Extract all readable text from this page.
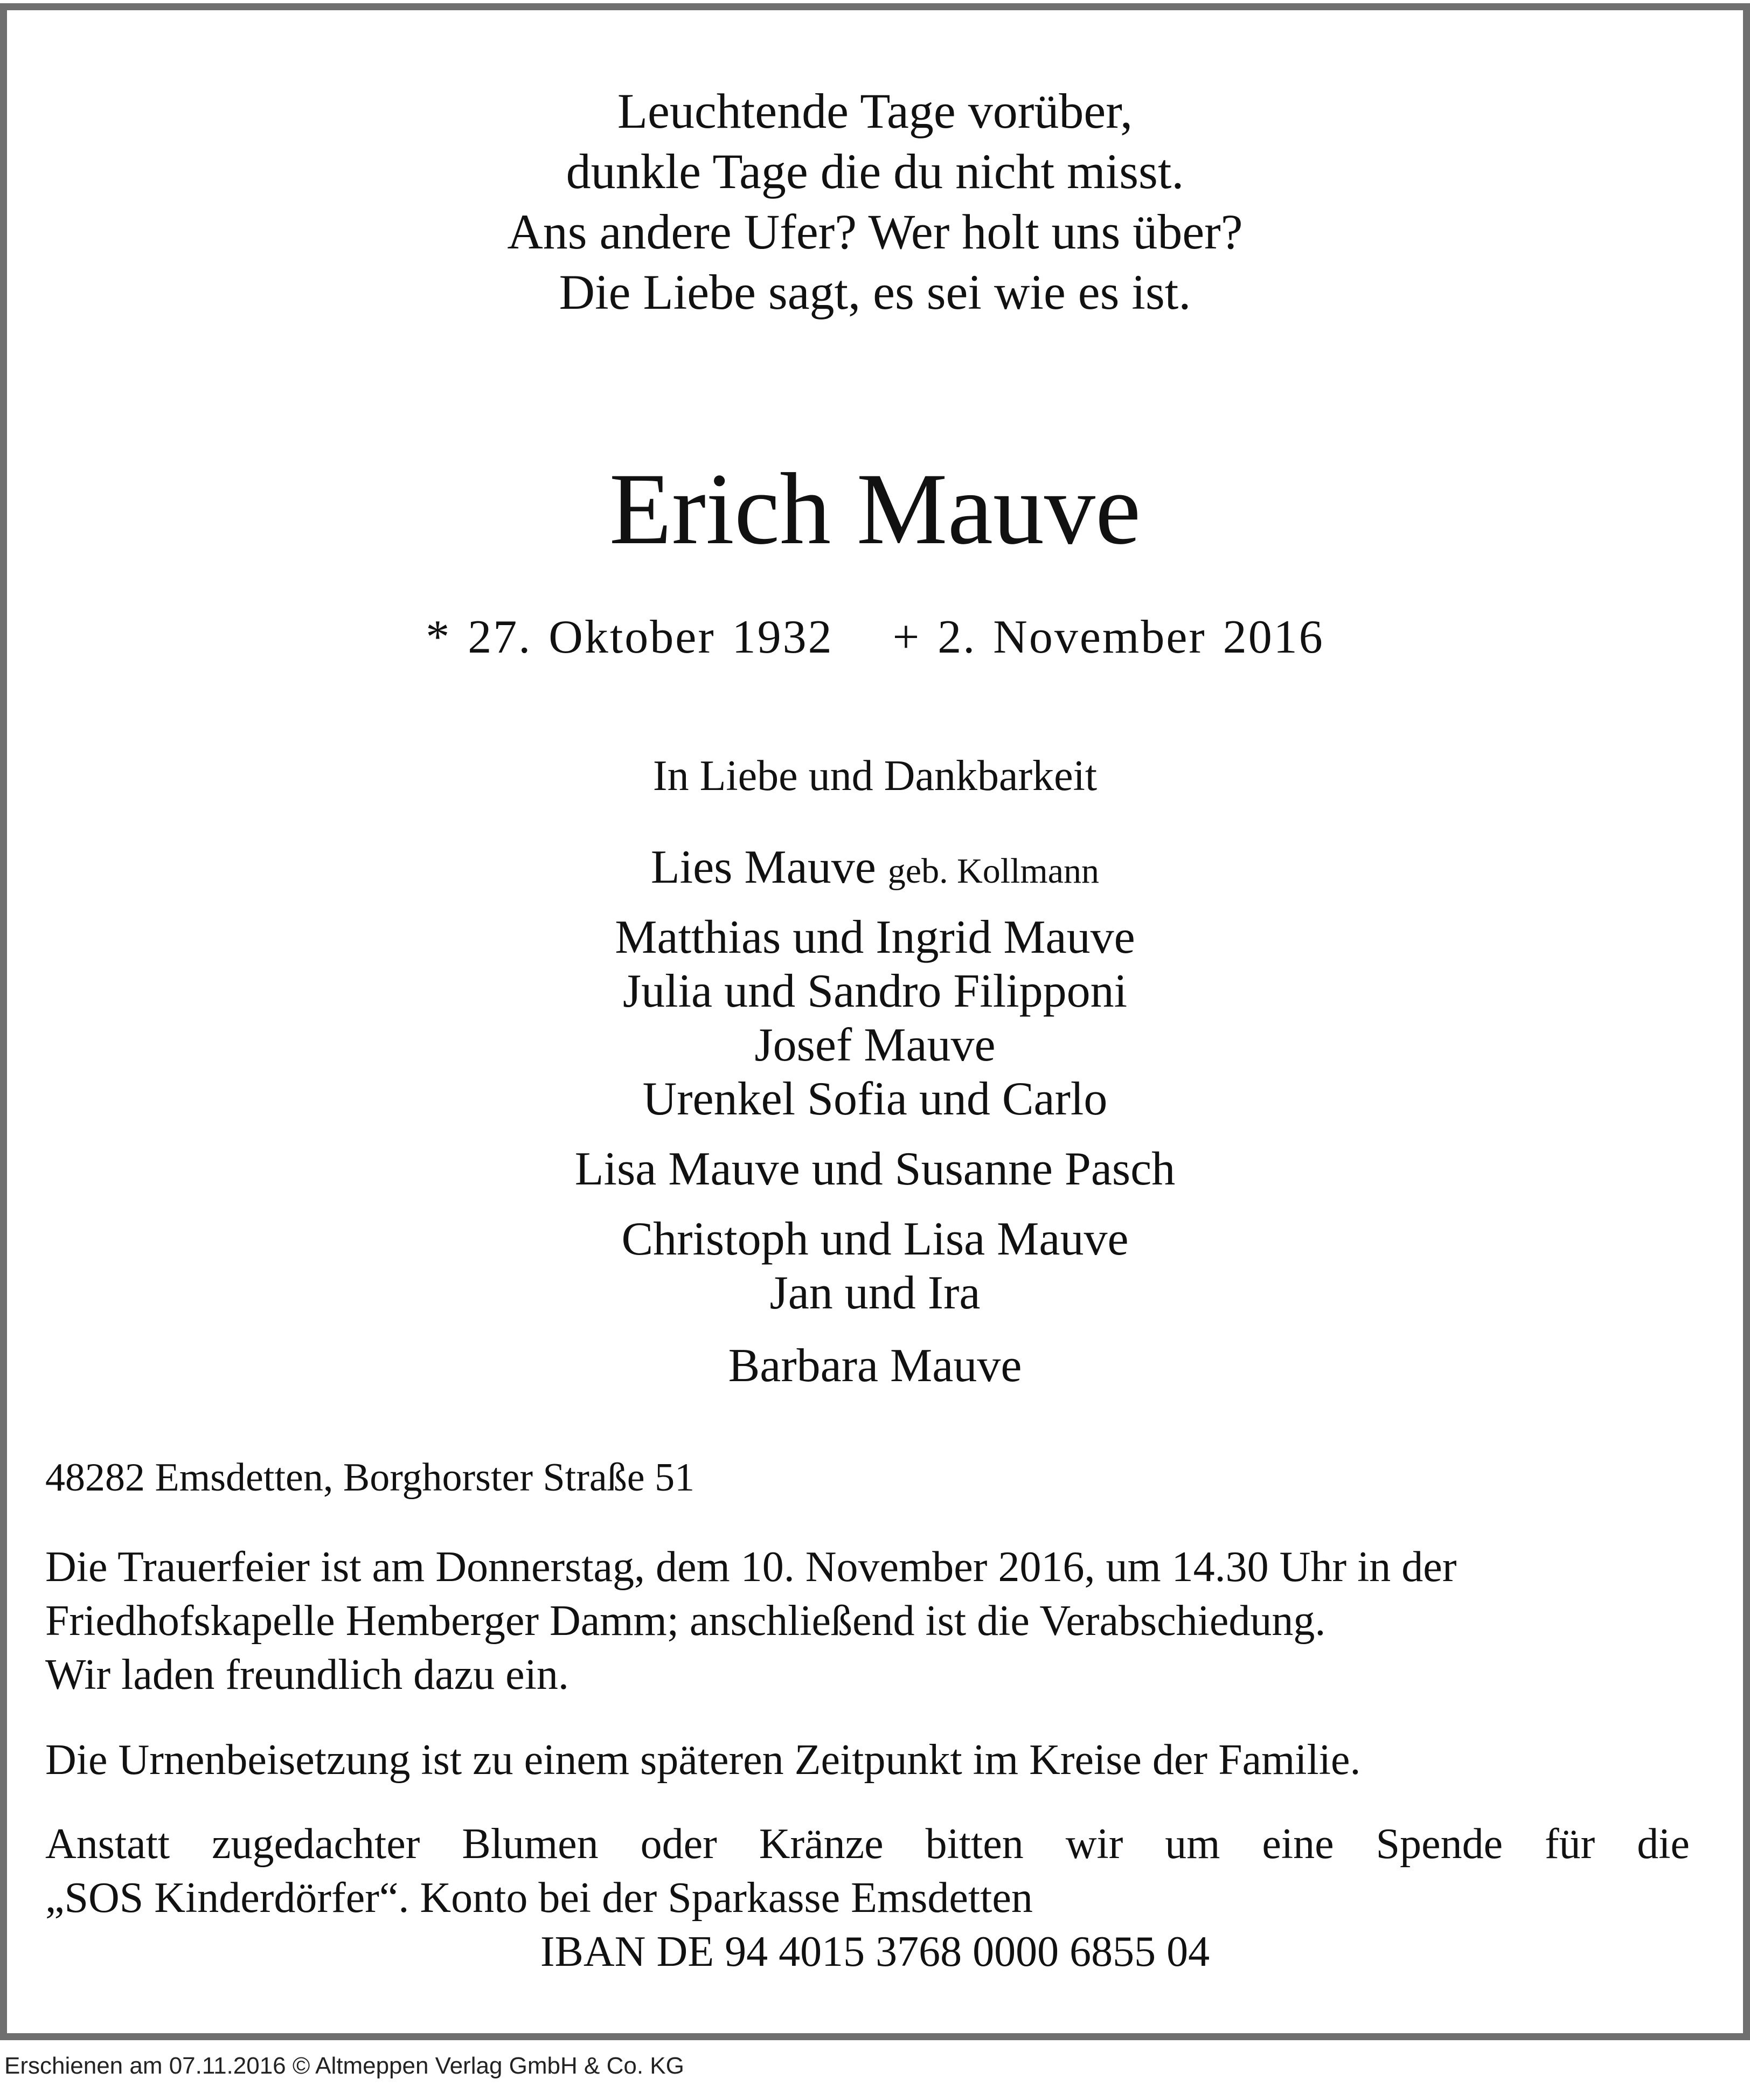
Leuchtende Tage vorüber,
dunkle Tage die du nicht misst.
Ans andere Ufer? Wer holt uns über?
Die Liebe sagt, es sei wie es ist.
Erich Mauve
* 27. Oktober 1932 + 2. November 2016
In Liebe und Dankbarkeit
Lies Mauve geb. Kollmann
Matthias und Ingrid Mauve
Julia und Sandro Filipponi
Josef Mauve
Urenkel Sofia und Carlo
Lisa Mauve und Susanne Pasch
Christoph und Lisa Mauve
Jan und Ira
Barbara Mauve
48282 Emsdetten, Borghorster Straße 51
Die Trauerfeier ist am Donnerstag, dem 10. November 2016, um 14.30 Uhr in der
Friedhofskapelle Hemberger Damm; anschließend ist die Verabschiedung.
Wir laden freundlich dazu ein.
Die Urnenbeisetzung ist zu einem späteren Zeitpunkt im Kreise der Familie.
Anstatt zugedachter Blumen oder Kränze bitten wir um eine Spende für die
„SOS Kinderdörfer“. Konto bei der Sparkasse Emsdetten
IBAN DE 94 4015 3768 0000 6855 04
Erschienen am 07.11.2016 © Altmeppen Verlag GmbH & Co. KG
